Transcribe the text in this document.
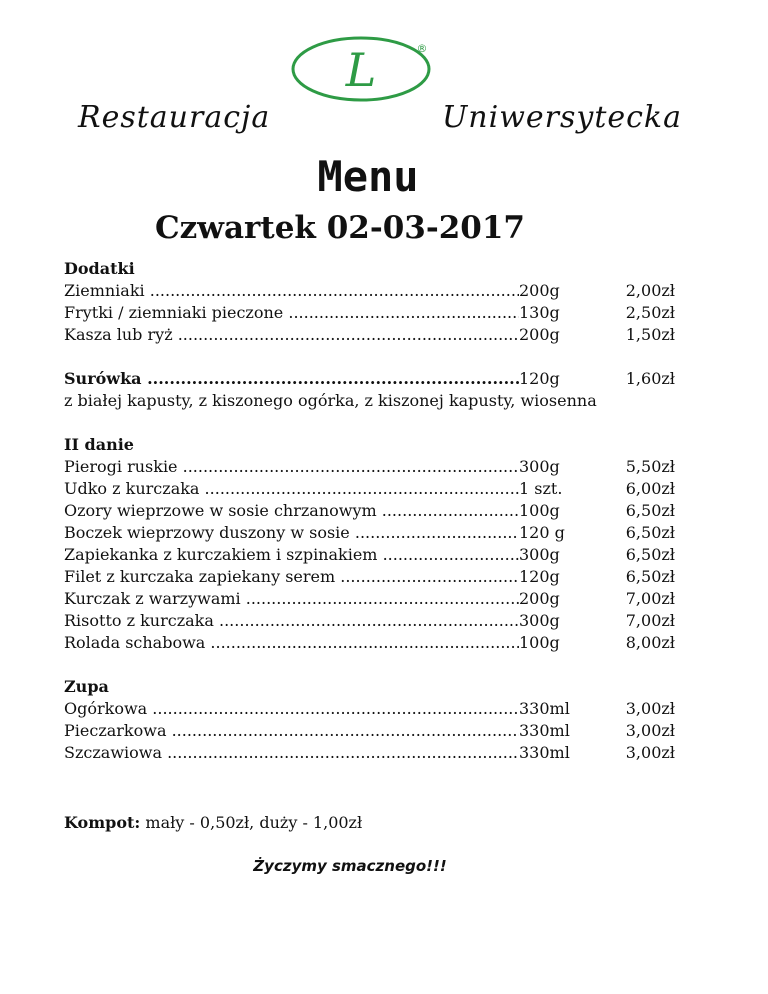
L	®
Restauracja	Uniwersytecka
Menu
Czwartek 02-03-2017
Dodatki
Ziemniaki .....	200g	2,00zł
Frytki / ziemniaki pieczone .....	130g	2,50zł
Kasza lub ryż .....	200g	1,50zł
Surówka .....	120g	1,60zł
z białej kapusty, z kiszonego ogórka, z kiszonej kapusty, wiosenna
II danie
Pierogi ruskie .....	300g	5,50zł
Udko z kurczaka .....	1 szt.	6,00zł
Ozory wieprzowe w sosie chrzanowym .....	100g	6,50zł
Boczek wieprzowy duszony w sosie .....	120 g	6,50zł
Zapiekanka z kurczakiem i szpinakiem .....	300g	6,50zł
Filet z kurczaka zapiekany serem .....	120g	6,50zł
Kurczak z warzywami .....	200g	7,00zł
Risotto z kurczaka .....	300g	7,00zł
Rolada schabowa .....	100g	8,00zł
Zupa
Ogórkowa .....	330ml	3,00zł
Pieczarkowa .....	330ml	3,00zł
Szczawiowa .....	330ml	3,00zł
Kompot: mały - 0,50zł, duży - 1,00zł
Życzymy smacznego!!!
